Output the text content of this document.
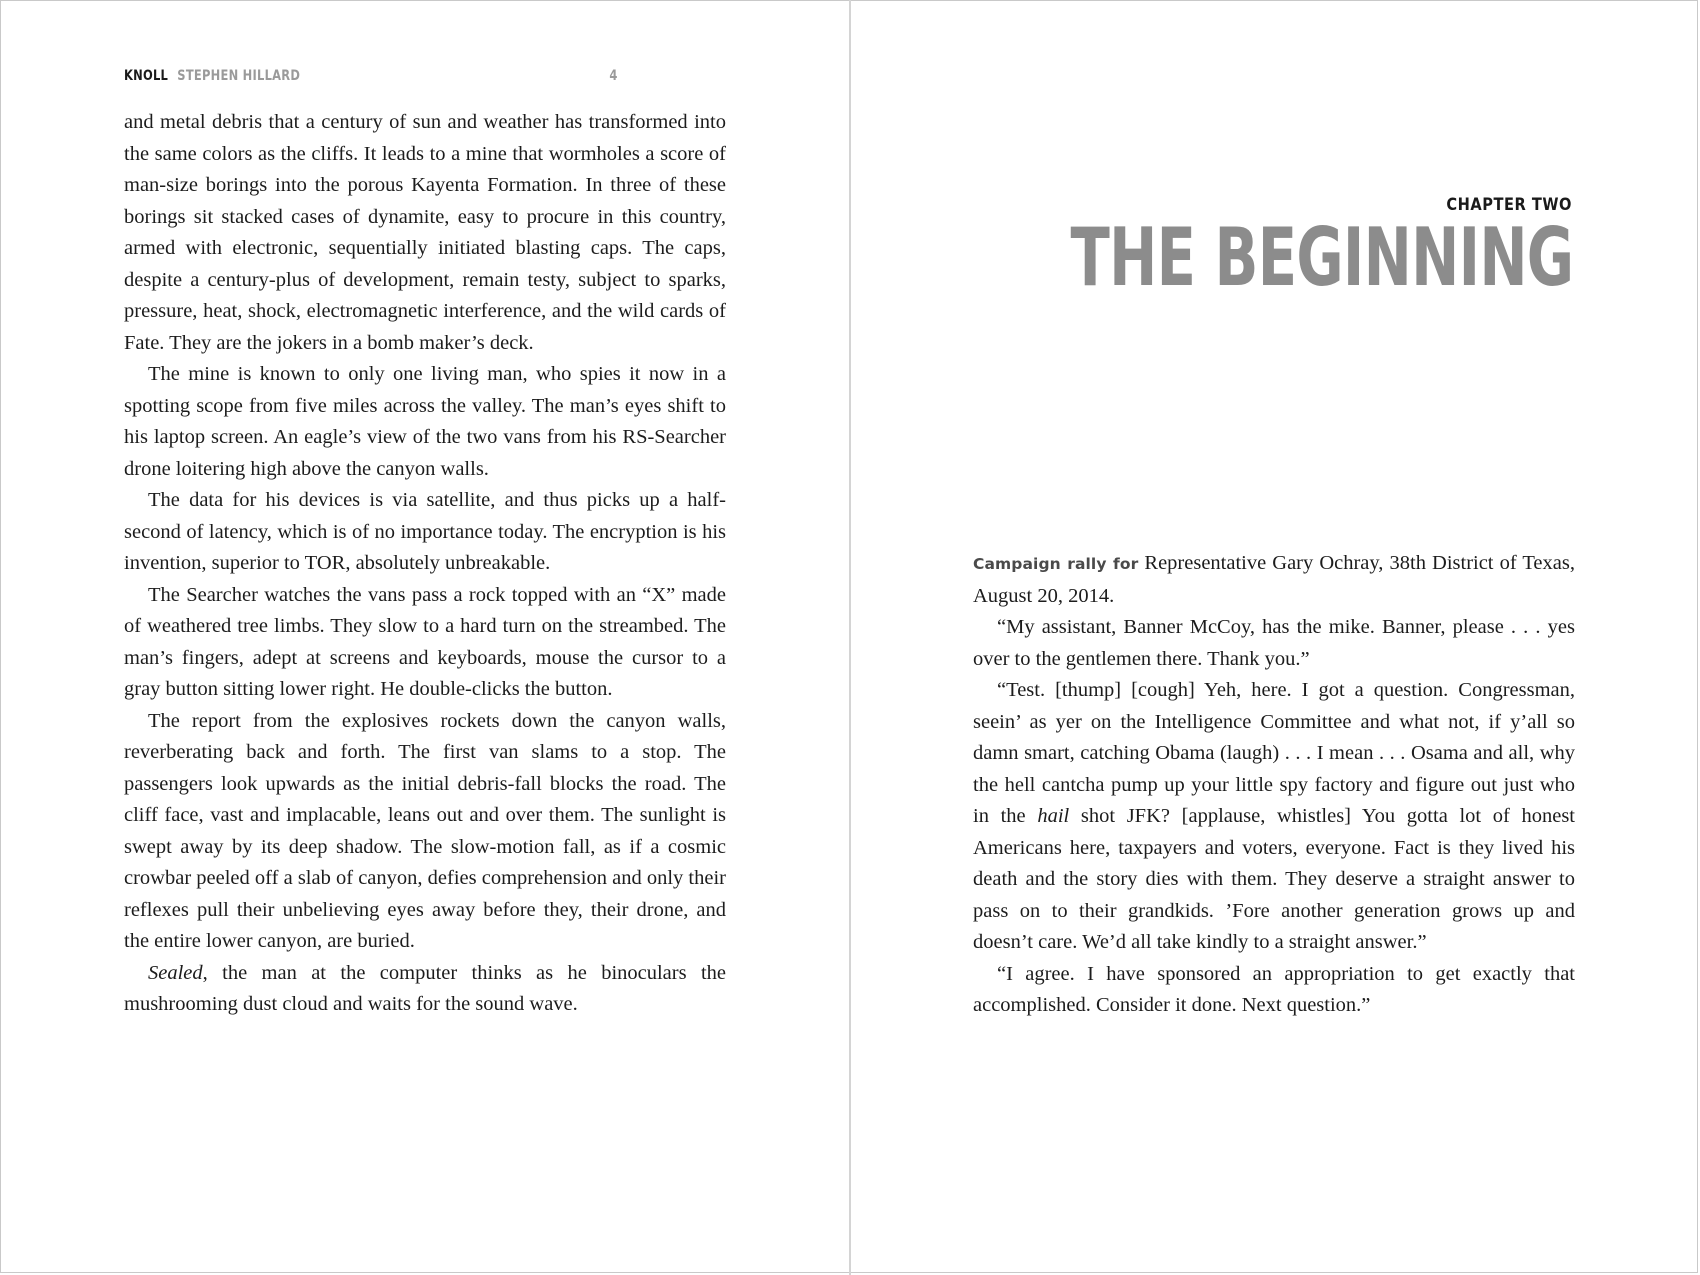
KNOLL STEPHEN HILLARD	4

and metal debris that a century of sun and weather has transformed into the same colors as the cliffs. It leads to a mine that wormholes a score of man-size borings into the porous Kayenta Formation. In three of these borings sit stacked cases of dynamite, easy to procure in this country, armed with electronic, sequentially initiated blasting caps. The caps, despite a century-plus of development, remain testy, subject to sparks, pressure, heat, shock, electromagnetic interference, and the wild cards of Fate. They are the jokers in a bomb maker’s deck.

The mine is known to only one living man, who spies it now in a spotting scope from five miles across the valley. The man’s eyes shift to his laptop screen. An eagle’s view of the two vans from his RS-Searcher drone loitering high above the canyon walls.

The data for his devices is via satellite, and thus picks up a half-second of latency, which is of no importance today. The encryption is his invention, superior to TOR, absolutely unbreakable.

The Searcher watches the vans pass a rock topped with an “X” made of weathered tree limbs. They slow to a hard turn on the streambed. The man’s fingers, adept at screens and keyboards, mouse the cursor to a gray button sitting lower right. He double-clicks the button.

The report from the explosives rockets down the canyon walls, reverberating back and forth. The first van slams to a stop. The passengers look upwards as the initial debris-fall blocks the road. The cliff face, vast and implacable, leans out and over them. The sunlight is swept away by its deep shadow. The slow-motion fall, as if a cosmic crowbar peeled off a slab of canyon, defies comprehension and only their reflexes pull their unbelieving eyes away before they, their drone, and the entire lower canyon, are buried.

Sealed, the man at the computer thinks as he binoculars the mushrooming dust cloud and waits for the sound wave.

CHAPTER TWO
THE BEGINNING

Campaign rally for Representative Gary Ochray, 38th District of Texas, August 20, 2014.

“My assistant, Banner McCoy, has the mike. Banner, please . . . yes over to the gentlemen there. Thank you.”

“Test. [thump] [cough] Yeh, here. I got a question. Congressman, seein’ as yer on the Intelligence Committee and what not, if y’all so damn smart, catching Obama (laugh) . . . I mean . . . Osama and all, why the hell cantcha pump up your little spy factory and figure out just who in the hail shot JFK? [applause, whistles] You gotta lot of honest Americans here, taxpayers and voters, everyone. Fact is they lived his death and the story dies with them. They deserve a straight answer to pass on to their grandkids. ’Fore another generation grows up and doesn’t care. We’d all take kindly to a straight answer.”

“I agree. I have sponsored an appropriation to get exactly that accomplished. Consider it done. Next question.”
